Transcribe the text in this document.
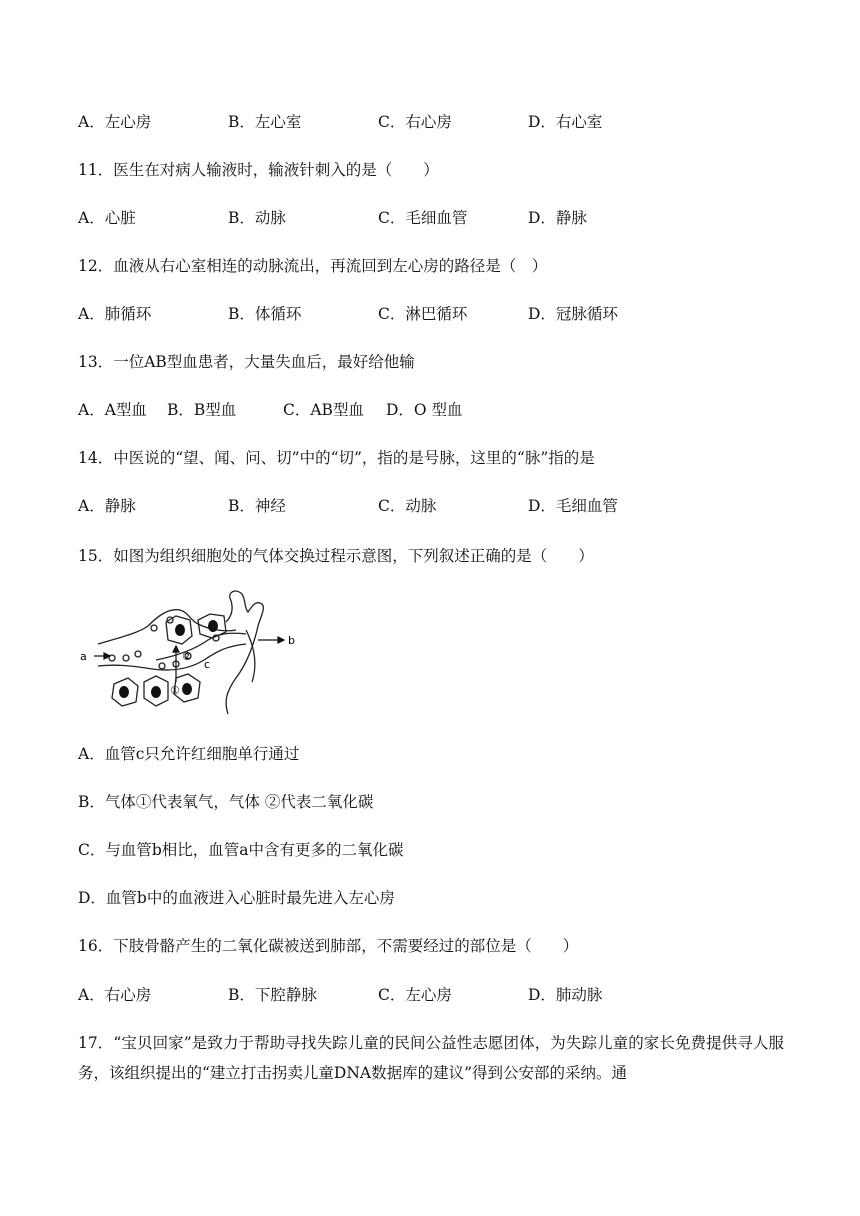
A．左心房	B．左心室	C．右心房	D．右心室
11．医生在对病人输液时，输液针刺入的是（　　）
A．心脏	B．动脉	C．毛细血管	D．静脉
12．血液从右心室相连的动脉流出，再流回到左心房的路径是（　）
A．肺循环	B．体循环	C．淋巴循环	D．冠脉循环
13．一位AB型血患者，大量失血后，最好给他输
A．A型血 B．B型血	C．AB型血 D．O 型血
14．中医说的“望、闻、问、切”中的“切”，指的是号脉，这里的“脉”指的是
A．静脉	B．神经	C．动脉	D．毛细血管
15．如图为组织细胞处的气体交换过程示意图，下列叙述正确的是（　　）
a
b
c
①
②
A．血管c只允许红细胞单行通过
B．气体①代表氧气，气体 ②代表二氧化碳
C．与血管b相比，血管a中含有更多的二氧化碳
D．血管b中的血液进入心脏时最先进入左心房
16．下肢骨骼产生的二氧化碳被送到肺部，不需要经过的部位是（　　）
A．右心房	B．下腔静脉	C．左心房	D．肺动脉
17．“宝贝回家”是致力于帮助寻找失踪儿童的民间公益性志愿团体，为失踪儿童的家长免费提供寻人服务，该组织提出的“建立打击拐卖儿童DNA数据库的建议”得到公安部的采纳。通
